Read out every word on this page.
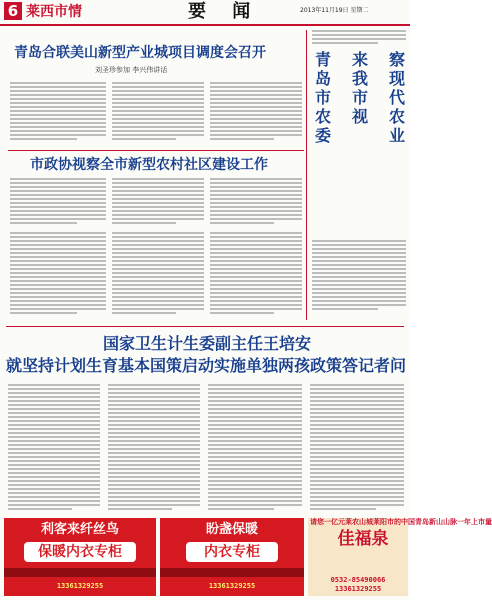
6 莱西市情	要 闻	2013年11月19日 星期二
青岛合联美山新型产业城项目调度会召开
刘圣珍参加 李兴伟讲话
市政协视察全市新型农村社区建设工作
青岛市农委
来我市视
察现代农业
国家卫生计生委副主任王培安
就坚持计划生育基本国策启动实施单独两孩政策答记者问
利客来纤丝鸟
保暖内衣专柜
13361329255
盼盏保暖
内衣专柜
13361329255
请您一亿元莱农山城莱阳市的中国青岛新山山脉一年上市量
佳福泉
0532-85490066
13361329255
